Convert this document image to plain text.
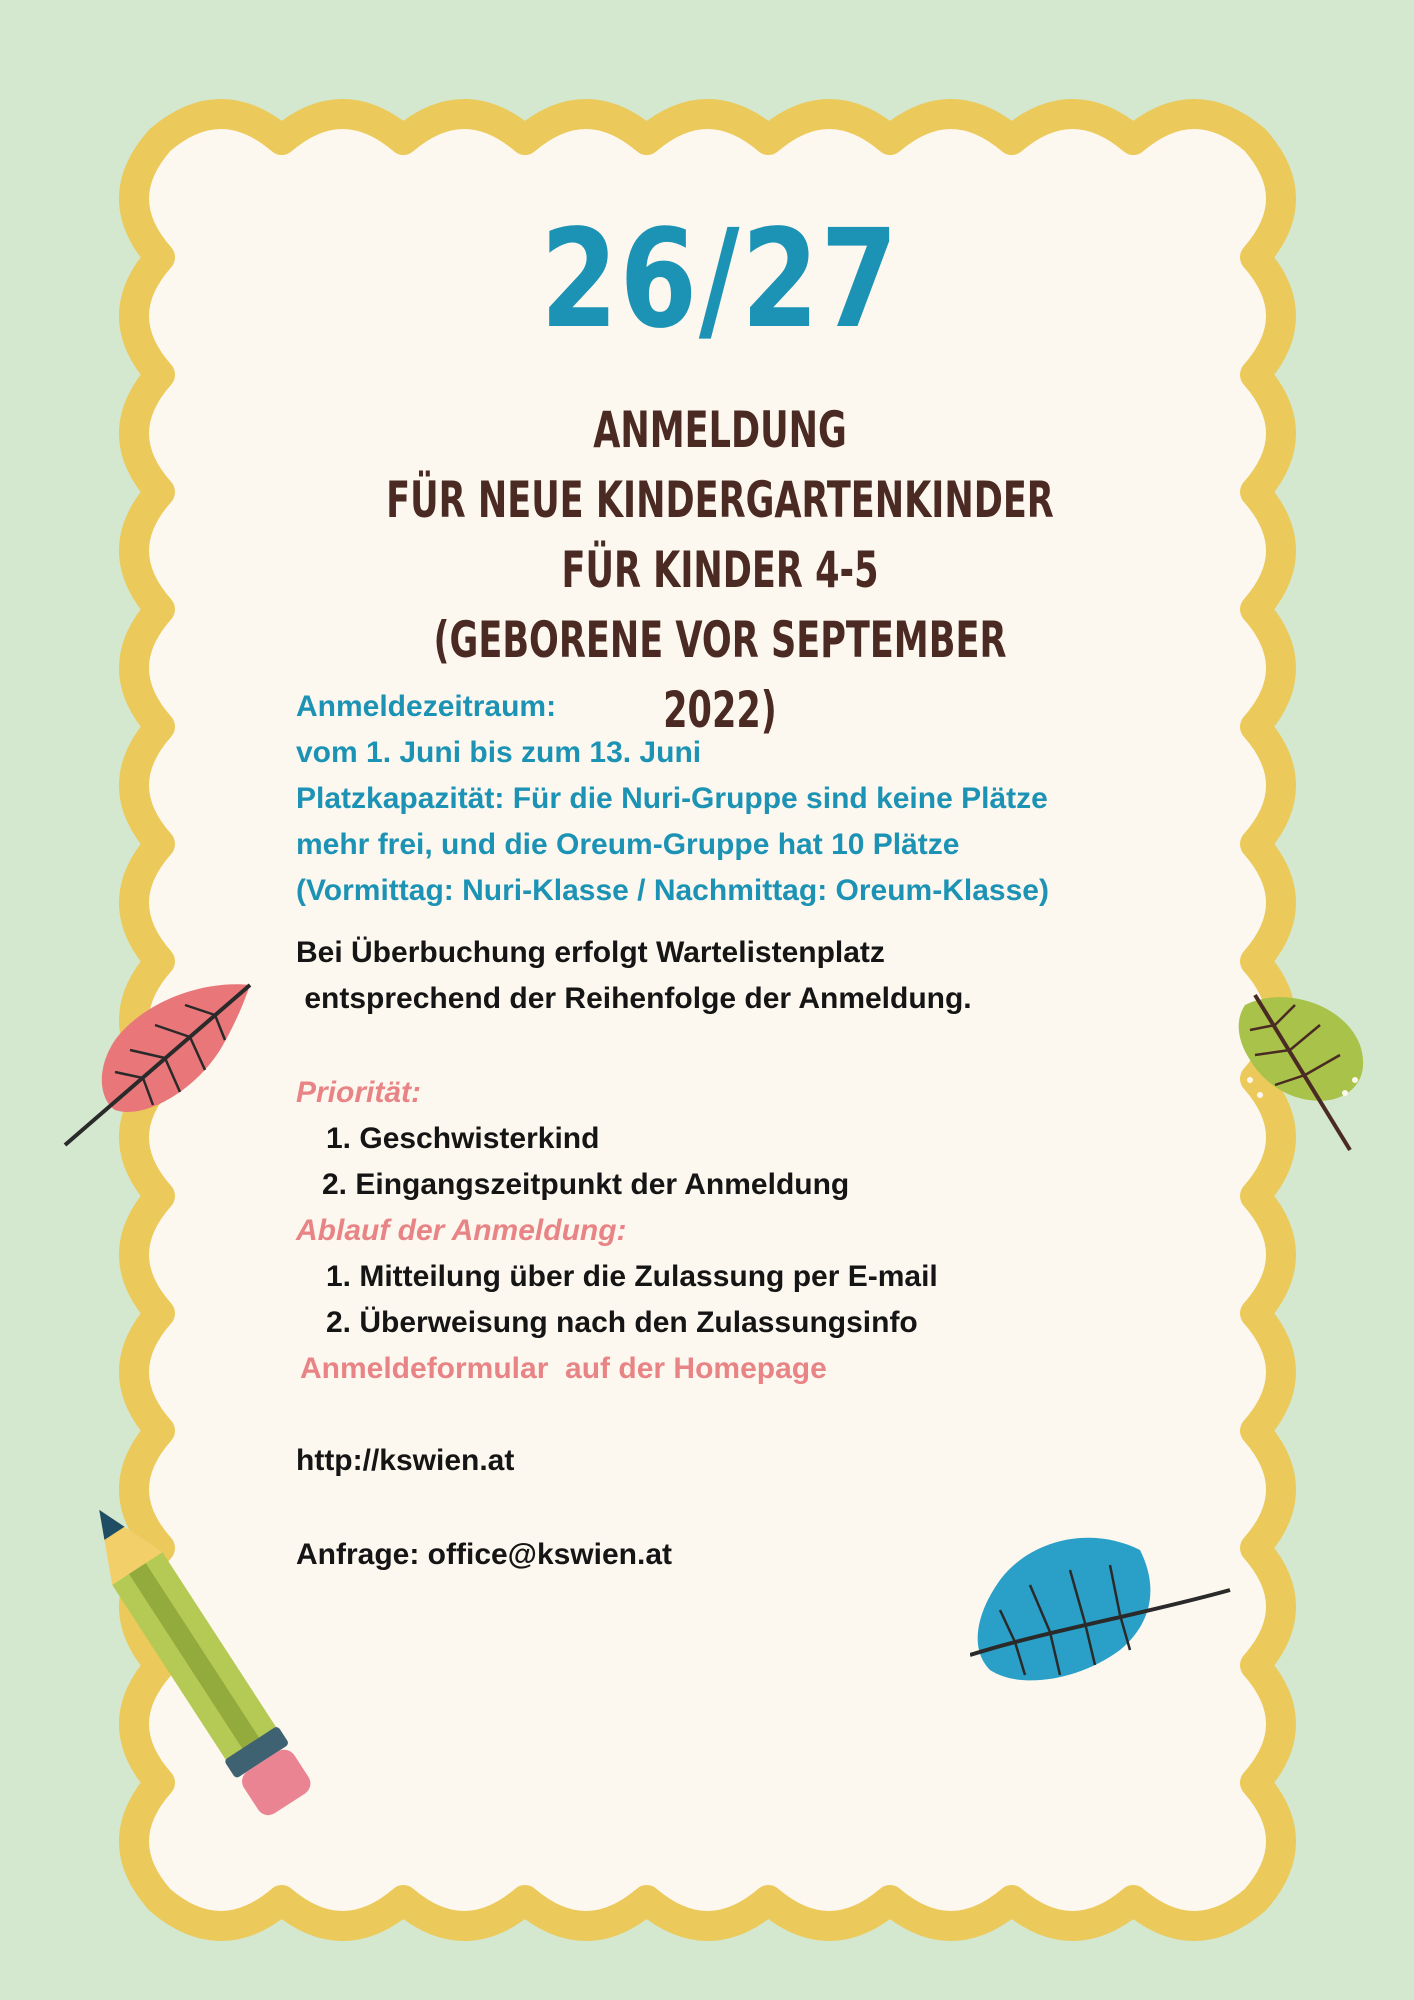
26/27
ANMELDUNG
FÜR NEUE KINDERGARTENKINDER
FÜR KINDER 4-5
(GEBORENE VOR SEPTEMBER 2022)
Anmeldezeitraum:
vom 1. Juni bis zum 13. Juni
Platzkapazität: Für die Nuri-Gruppe sind keine Plätze
mehr frei, und die Oreum-Gruppe hat 10 Plätze
(Vormittag: Nuri-Klasse / Nachmittag: Oreum-Klasse)
Bei Überbuchung erfolgt Wartelistenplatz
entsprechend der Reihenfolge der Anmeldung.
Priorität:
1. Geschwisterkind
2. Eingangszeitpunkt der Anmeldung
Ablauf der Anmeldung:
1. Mitteilung über die Zulassung per E-mail
2. Überweisung nach den Zulassungsinfo
Anmeldeformular  auf der Homepage
http://kswien.at
Anfrage: office@kswien.at
